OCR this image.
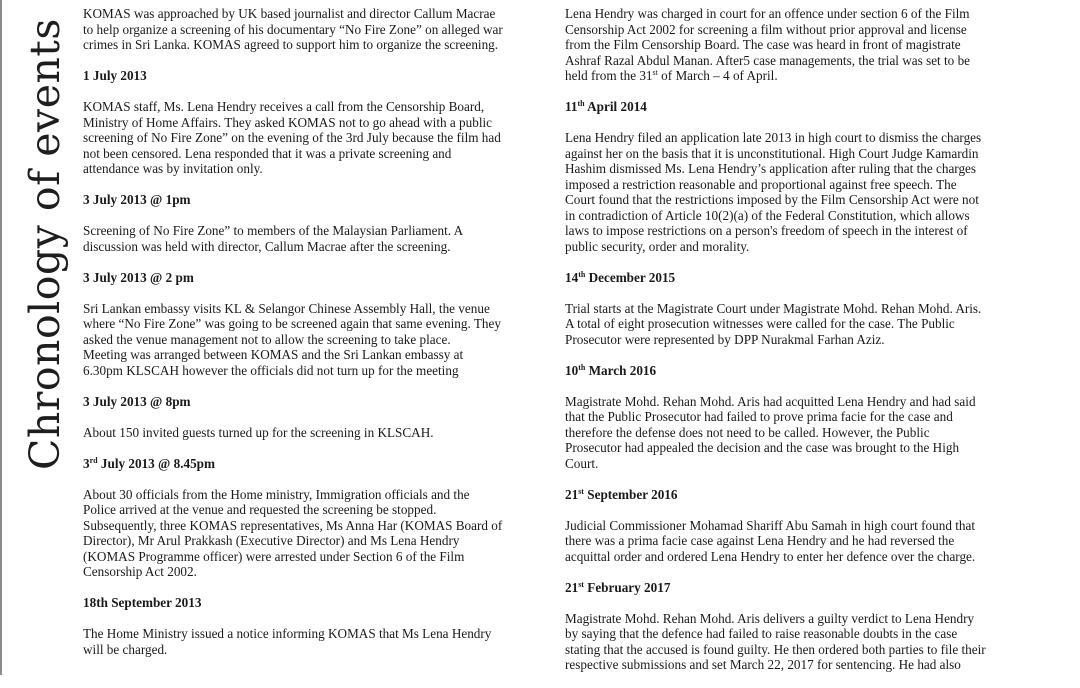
Chronology of events
KOMAS was approached by UK based journalist and director Callum Macrae
to help organize a screening of his documentary “No Fire Zone” on alleged war
crimes in Sri Lanka. KOMAS agreed to support him to organize the screening.
1 July 2013
KOMAS staff, Ms. Lena Hendry receives a call from the Censorship Board,
Ministry of Home Affairs. They asked KOMAS not to go ahead with a public
screening of No Fire Zone” on the evening of the 3rd July because the film had
not been censored. Lena responded that it was a private screening and
attendance was by invitation only.
3 July 2013 @ 1pm
Screening of No Fire Zone” to members of the Malaysian Parliament. A
discussion was held with director, Callum Macrae after the screening.
3 July 2013 @ 2 pm
Sri Lankan embassy visits KL & Selangor Chinese Assembly Hall, the venue
where “No Fire Zone” was going to be screened again that same evening. They
asked the venue management not to allow the screening to take place.
Meeting was arranged between KOMAS and the Sri Lankan embassy at
6.30pm KLSCAH however the officials did not turn up for the meeting
3 July 2013 @ 8pm
About 150 invited guests turned up for the screening in KLSCAH.
3rd July 2013 @ 8.45pm
About 30 officials from the Home ministry, Immigration officials and the
Police arrived at the venue and requested the screening be stopped.
Subsequently, three KOMAS representatives, Ms Anna Har (KOMAS Board of
Director), Mr Arul Prakkash (Executive Director) and Ms Lena Hendry
(KOMAS Programme officer) were arrested under Section 6 of the Film
Censorship Act 2002.
18th September 2013
The Home Ministry issued a notice informing KOMAS that Ms Lena Hendry
will be charged.
Lena Hendry was charged in court for an offence under section 6 of the Film
Censorship Act 2002 for screening a film without prior approval and license
from the Film Censorship Board. The case was heard in front of magistrate
Ashraf Razal Abdul Manan. After5 case managements, the trial was set to be
held from the 31st of March – 4 of April.
11th April 2014
Lena Hendry filed an application late 2013 in high court to dismiss the charges
against her on the basis that it is unconstitutional. High Court Judge Kamardin
Hashim dismissed Ms. Lena Hendry’s application after ruling that the charges
imposed a restriction reasonable and proportional against free speech. The
Court found that the restrictions imposed by the Film Censorship Act were not
in contradiction of Article 10(2)(a) of the Federal Constitution, which allows
laws to impose restrictions on a person's freedom of speech in the interest of
public security, order and morality.
14th December 2015
Trial starts at the Magistrate Court under Magistrate Mohd. Rehan Mohd. Aris.
A total of eight prosecution witnesses were called for the case. The Public
Prosecutor were represented by DPP Nurakmal Farhan Aziz.
10th March 2016
Magistrate Mohd. Rehan Mohd. Aris had acquitted Lena Hendry and had said
that the Public Prosecutor had failed to prove prima facie for the case and
therefore the defense does not need to be called. However, the Public
Prosecutor had appealed the decision and the case was brought to the High
Court.
21st September 2016
Judicial Commissioner Mohamad Shariff Abu Samah in high court found that
there was a prima facie case against Lena Hendry and he had reversed the
acquittal order and ordered Lena Hendry to enter her defence over the charge.
21st February 2017
Magistrate Mohd. Rehan Mohd. Aris delivers a guilty verdict to Lena Hendry
by saying that the defence had failed to raise reasonable doubts in the case
stating that the accused is found guilty. He then ordered both parties to file their
respective submissions and set March 22, 2017 for sentencing. He had also
